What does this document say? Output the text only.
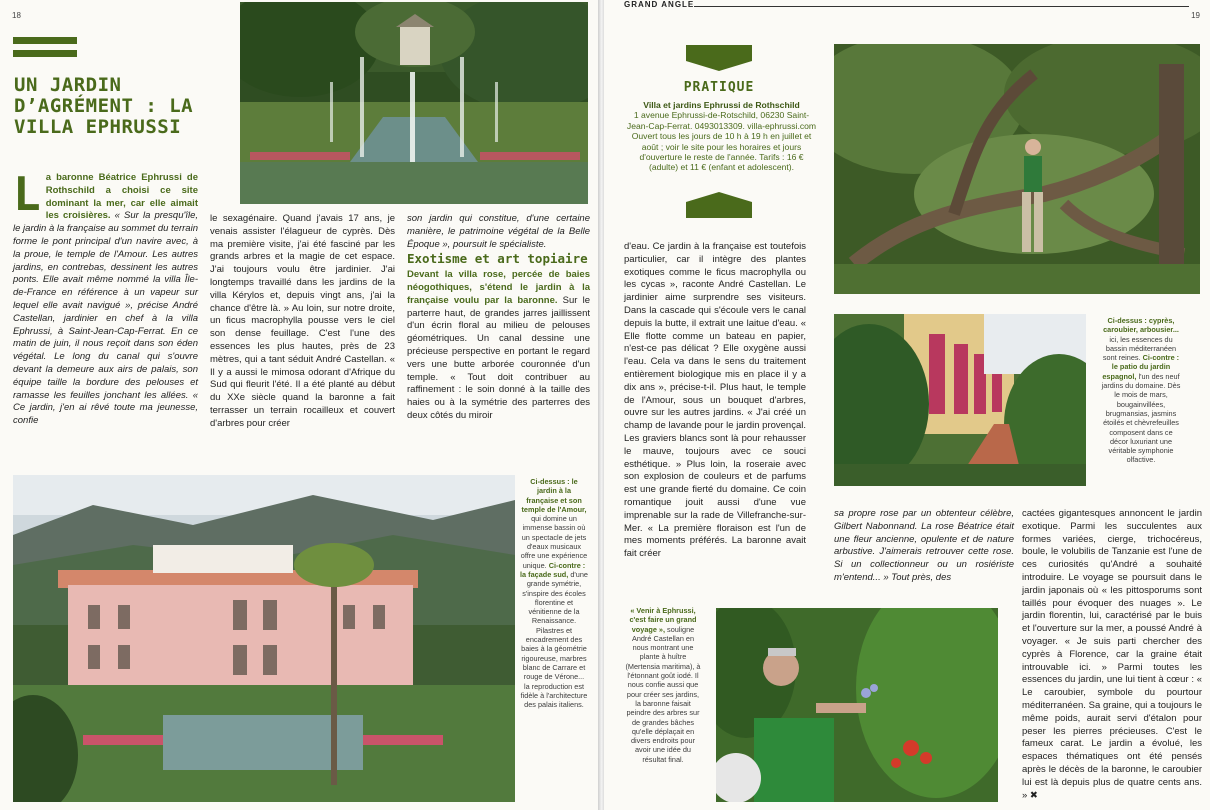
18
UN JARDIN D’AGRÉMENT : LA VILLA EPHRUSSI
La baronne Béatrice Ephrussi de Rothschild a choisi ce site dominant la mer, car elle aimait les croisières. « Sur la presqu'île, le jardin à la française au sommet du terrain forme le pont principal d'un navire avec, à la proue, le temple de l'Amour. Les autres jardins, en contrebas, dessinent les autres ponts. Elle avait même nommé la villa Île-de-France en référence à un vapeur sur lequel elle avait navigué », précise André Castellan, jardinier en chef à la villa Ephrussi, à Saint-Jean-Cap-Ferrat. En ce matin de juin, il nous reçoit dans son éden végétal. Le long du canal qui s'ouvre devant la demeure aux airs de palais, son équipe taille la bordure des pelouses et ramasse les feuilles jonchant les allées. « Ce jardin, j'en ai rêvé toute ma jeunesse, confie
le sexagénaire. Quand j'avais 17 ans, je venais assister l'élagueur de cyprès. Dès ma première visite, j'ai été fasciné par les grands arbres et la magie de cet espace. J'ai toujours voulu être jardinier. J'ai longtemps travaillé dans les jardins de la villa Kérylos et, depuis vingt ans, j'ai la chance d'être là. » Au loin, sur notre droite, un ficus macrophylla pousse vers le ciel son dense feuillage. C'est l'une des essences les plus hautes, près de 23 mètres, qui a tant séduit André Castellan. « Il y a aussi le mimosa odorant d'Afrique du Sud qui fleurit l'été. Il a été planté au début du XXe siècle quand la baronne a fait terrasser un terrain rocailleux et couvert d'arbres pour créer
son jardin qui constitue, d'une certaine manière, le patrimoine végétal de la Belle Époque », poursuit le spécialiste.
Exotisme et art topiaire
Devant la villa rose, percée de baies néogothiques, s'étend le jardin à la française voulu par la baronne. Sur le parterre haut, de grandes jarres jaillissent d'un écrin floral au milieu de pelouses géométriques. Un canal dessine une précieuse perspective en portant le regard vers une butte arborée couronnée d'un temple. « Tout doit contribuer au raffinement : le soin donné à la taille des haies ou à la symétrie des parterres des deux côtés du miroir
Ci-dessus : le jardin à la française et son temple de l'Amour, qui domine un immense bassin où un spectacle de jets d'eaux musicaux offre une expérience unique. Ci-contre : la façade sud, d'une grande symétrie, s'inspire des écoles florentine et vénitienne de la Renaissance. Pilastres et encadrement des baies à la géométrie rigoureuse, marbres blanc de Carrare et rouge de Vérone... la reproduction est fidèle à l'architecture des palais italiens.
GRAND ANGLE
19
PRATIQUE
Villa et jardins Ephrussi de Rothschild
1 avenue Ephrussi-de-Rotschild, 06230 Saint-Jean-Cap-Ferrat. 0493013309. villa-ephrussi.com Ouvert tous les jours de 10 h à 19 h en juillet et août ; voir le site pour les horaires et jours d'ouverture le reste de l'année. Tarifs : 16 € (adulte) et 11 € (enfant et adolescent).
d'eau. Ce jardin à la française est toutefois particulier, car il intègre des plantes exotiques comme le ficus macrophylla ou les cycas », raconte André Castellan. Le jardinier aime surprendre ses visiteurs. Dans la cascade qui s'écoule vers le canal depuis la butte, il extrait une laitue d'eau. « Elle flotte comme un bateau en papier, n'est-ce pas délicat ? Elle oxygène aussi l'eau. Cela va dans le sens du traitement entièrement biologique mis en place il y a dix ans », précise-t-il. Plus haut, le temple de l'Amour, sous un bouquet d'arbres, ouvre sur les autres jardins. « J'ai créé un champ de lavande pour le jardin provençal. Les graviers blancs sont là pour rehausser le mauve, toujours avec ce souci esthétique. » Plus loin, la roseraie avec son explosion de couleurs et de parfums est une grande fierté du domaine. Ce coin romantique jouit aussi d'une vue imprenable sur la rade de Villefranche-sur-Mer. « La première floraison est l'un de mes moments préférés. La baronne avait fait créer
Ci-dessus : cyprès, caroubier, arbousier... ici, les essences du bassin méditerranéen sont reines. Ci-contre : le patio du jardin espagnol, l'un des neuf jardins du domaine. Dès le mois de mars, bougainvillées, brugmansias, jasmins étoilés et chèvrefeuilles composent dans ce décor luxuriant une véritable symphonie olfactive.
sa propre rose par un obtenteur célèbre, Gilbert Nabonnand. La rose Béatrice était une fleur ancienne, opulente et de nature arbustive. J'aimerais retrouver cette rose. Si un collectionneur ou un rosiériste m'entend... » Tout près, des
cactées gigantesques annoncent le jardin exotique. Parmi les succulentes aux formes variées, cierge, trichocéreus, boule, le volubilis de Tanzanie est l'une de ces curiosités qu'André a souhaité introduire. Le voyage se poursuit dans le jardin japonais où « les pittosporums sont taillés pour évoquer des nuages ». Le jardin florentin, lui, caractérisé par le buis et l'ouverture sur la mer, a poussé André à voyager. « Je suis parti chercher des cyprès à Florence, car la graine était introuvable ici. » Parmi toutes les essences du jardin, une lui tient à cœur : « Le caroubier, symbole du pourtour méditerranéen. Sa graine, qui a toujours le même poids, aurait servi d'étalon pour peser les pierres précieuses. C'est le fameux carat. Le jardin a évolué, les espaces thématiques ont été pensés après le décès de la baronne, le caroubier lui est là depuis plus de quatre cents ans. » ✖
« Venir à Ephrussi, c'est faire un grand voyage », souligne André Castellan en nous montrant une plante à huître (Mertensia maritima), à l'étonnant goût iodé. Il nous confie aussi que pour créer ses jardins, la baronne faisait peindre des arbres sur de grandes bâches qu'elle déplaçait en divers endroits pour avoir une idée du résultat final.
